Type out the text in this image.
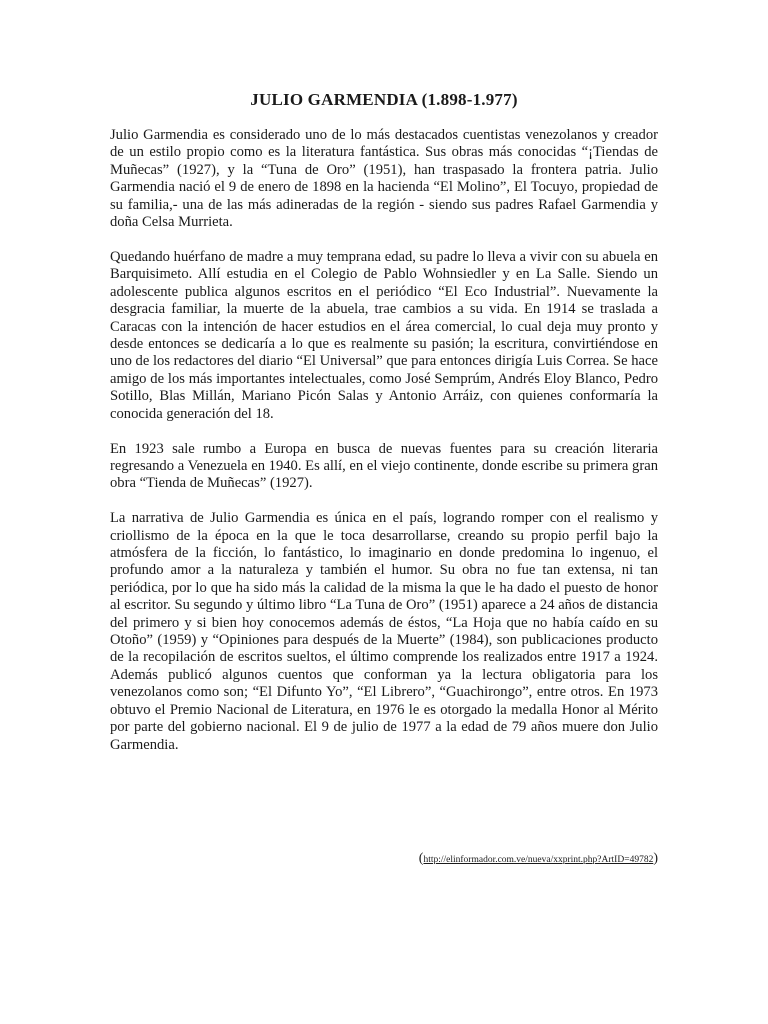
JULIO GARMENDIA (1.898-1.977)

Julio Garmendia es considerado uno de lo más destacados cuentistas venezolanos y creador de un estilo propio como es la literatura fantástica. Sus obras más conocidas “¡Tiendas de Muñecas” (1927), y la “Tuna de Oro” (1951), han traspasado la frontera patria. Julio Garmendia nació el 9 de enero de 1898 en la hacienda “El Molino”, El Tocuyo, propiedad de su familia,- una de las más adineradas de la región - siendo sus padres Rafael Garmendia y doña Celsa Murrieta.

Quedando huérfano de madre a muy temprana edad, su padre lo lleva a vivir con su abuela en Barquisimeto. Allí estudia en el Colegio de Pablo Wohnsiedler y en La Salle. Siendo un adolescente publica algunos escritos en el periódico “El Eco Industrial”. Nuevamente la desgracia familiar, la muerte de la abuela, trae cambios a su vida. En 1914 se traslada a Caracas con la intención de hacer estudios en el área comercial, lo cual deja muy pronto y desde entonces se dedicaría a lo que es realmente su pasión; la escritura, convirtiéndose en uno de los redactores del diario “El Universal” que para entonces dirigía Luis Correa. Se hace amigo de los más importantes intelectuales, como José Semprúm, Andrés Eloy Blanco, Pedro Sotillo, Blas Millán, Mariano Picón Salas y Antonio Arráiz, con quienes conformaría la conocida generación del 18.

En 1923 sale rumbo a Europa en busca de nuevas fuentes para su creación literaria regresando a Venezuela en 1940. Es allí, en el viejo continente, donde escribe su primera gran obra “Tienda de Muñecas” (1927).

La narrativa de Julio Garmendia es única en el país, logrando romper con el realismo y criollismo de la época en la que le toca desarrollarse, creando su propio perfil bajo la atmósfera de la ficción, lo fantástico, lo imaginario en donde predomina lo ingenuo, el profundo amor a la naturaleza y también el humor. Su obra no fue tan extensa, ni tan periódica, por lo que ha sido más la calidad de la misma la que le ha dado el puesto de honor al escritor. Su segundo y último libro “La Tuna de Oro” (1951) aparece a 24 años de distancia del primero y si bien hoy conocemos además de éstos, “La Hoja que no había caído en su Otoño” (1959) y “Opiniones para después de la Muerte” (1984), son publicaciones producto de la recopilación de escritos sueltos, el último comprende los realizados entre 1917 a 1924. Además publicó algunos cuentos que conforman ya la lectura obligatoria para los venezolanos como son; “El Difunto Yo”, “El Librero”, “Guachirongo”, entre otros. En 1973 obtuvo el Premio Nacional de Literatura, en 1976 le es otorgado la medalla Honor al Mérito por parte del gobierno nacional. El 9 de julio de 1977 a la edad de 79 años muere don Julio Garmendia.

(http://elinformador.com.ve/nueva/xxprint.php?ArtID=49782)
